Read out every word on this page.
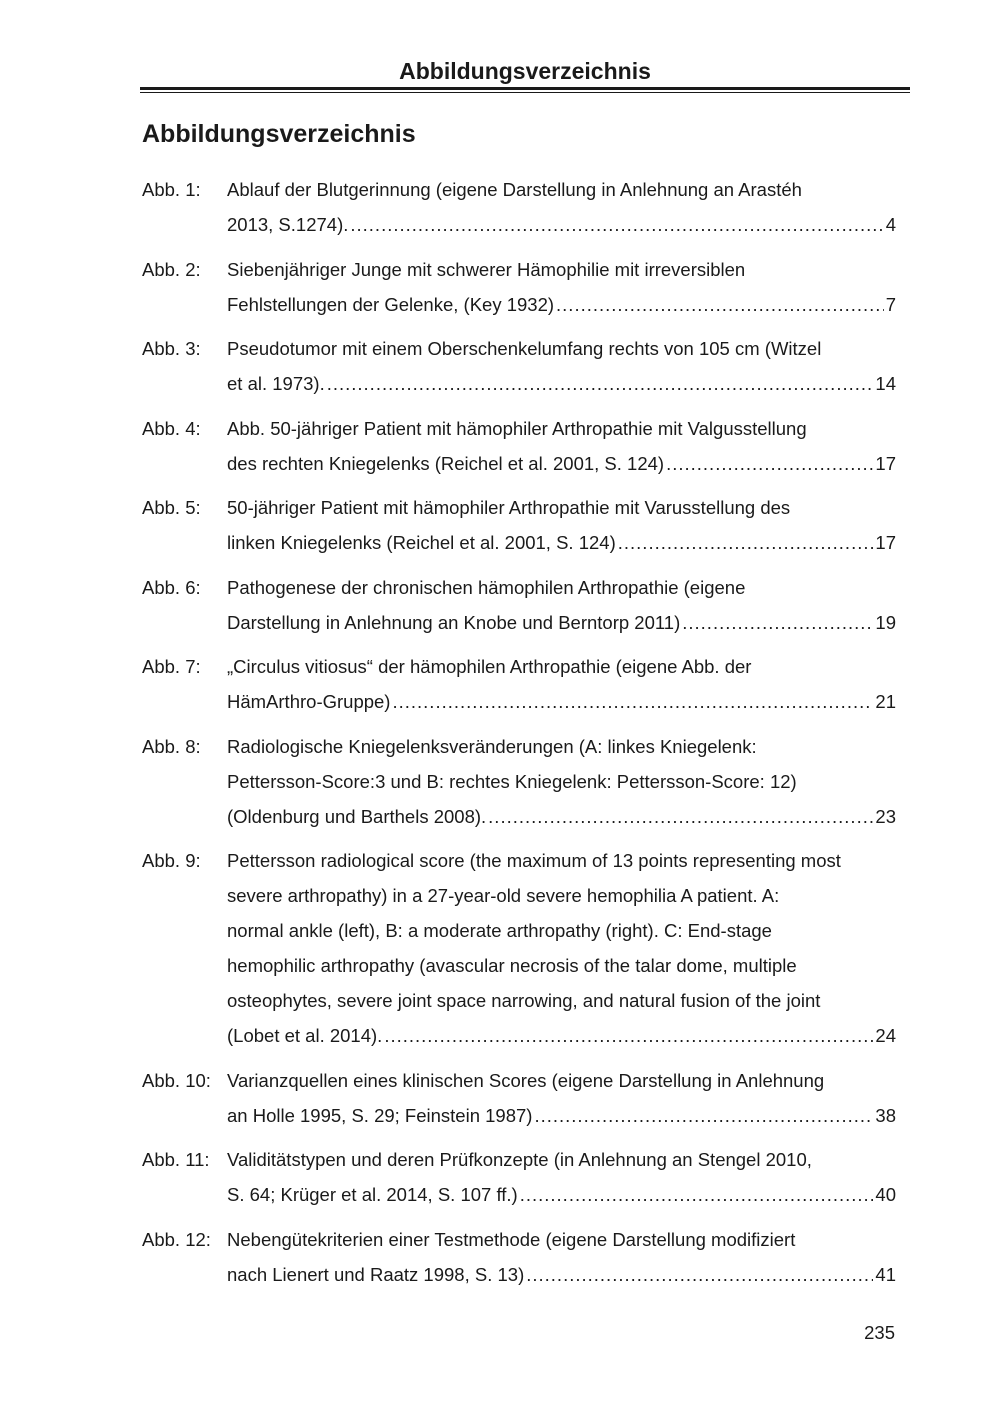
Abbildungsverzeichnis
Abbildungsverzeichnis
Abb. 1:	Ablauf der Blutgerinnung (eigene Darstellung in Anlehnung an Arastéh
2013, S.1274). .....	4
Abb. 2:	Siebenjähriger Junge mit schwerer Hämophilie mit irreversiblen
Fehlstellungen der Gelenke, (Key 1932) .....	7
Abb. 3:	Pseudotumor mit einem Oberschenkelumfang rechts von 105 cm (Witzel
et al. 1973). .....	14
Abb. 4:	Abb. 50-jähriger Patient mit hämophiler Arthropathie mit Valgusstellung
des rechten Kniegelenks (Reichel et al. 2001, S. 124) .....	17
Abb. 5:	50-jähriger Patient mit hämophiler Arthropathie mit Varusstellung des
linken Kniegelenks (Reichel et al. 2001, S. 124) .....	17
Abb. 6:	Pathogenese der chronischen hämophilen Arthropathie (eigene
Darstellung in Anlehnung an Knobe und Berntorp 2011) .....	19
Abb. 7:	„Circulus vitiosus“ der hämophilen Arthropathie (eigene Abb. der
HämArthro-Gruppe) .....	21
Abb. 8:	Radiologische Kniegelenksveränderungen (A: linkes Kniegelenk:
Pettersson-Score:3 und B: rechtes Kniegelenk: Pettersson-Score: 12)
(Oldenburg und Barthels 2008). .....	23
Abb. 9:	Pettersson radiological score (the maximum of 13 points representing most
severe arthropathy) in a 27-year-old severe hemophilia A patient. A:
normal ankle (left), B: a moderate arthropathy (right). C: End-stage
hemophilic arthropathy (avascular necrosis of the talar dome, multiple
osteophytes, severe joint space narrowing, and natural fusion of the joint
(Lobet et al. 2014). .....	24
Abb. 10: Varianzquellen eines klinischen Scores (eigene Darstellung in Anlehnung
an Holle 1995, S. 29; Feinstein 1987) .....	38
Abb. 11: Validitätstypen und deren Prüfkonzepte (in Anlehnung an Stengel 2010,
S. 64; Krüger et al. 2014, S. 107 ff.) .....	40
Abb. 12: Nebengütekriterien einer Testmethode (eigene Darstellung modifiziert
nach Lienert und Raatz 1998, S. 13) .....	41
235
